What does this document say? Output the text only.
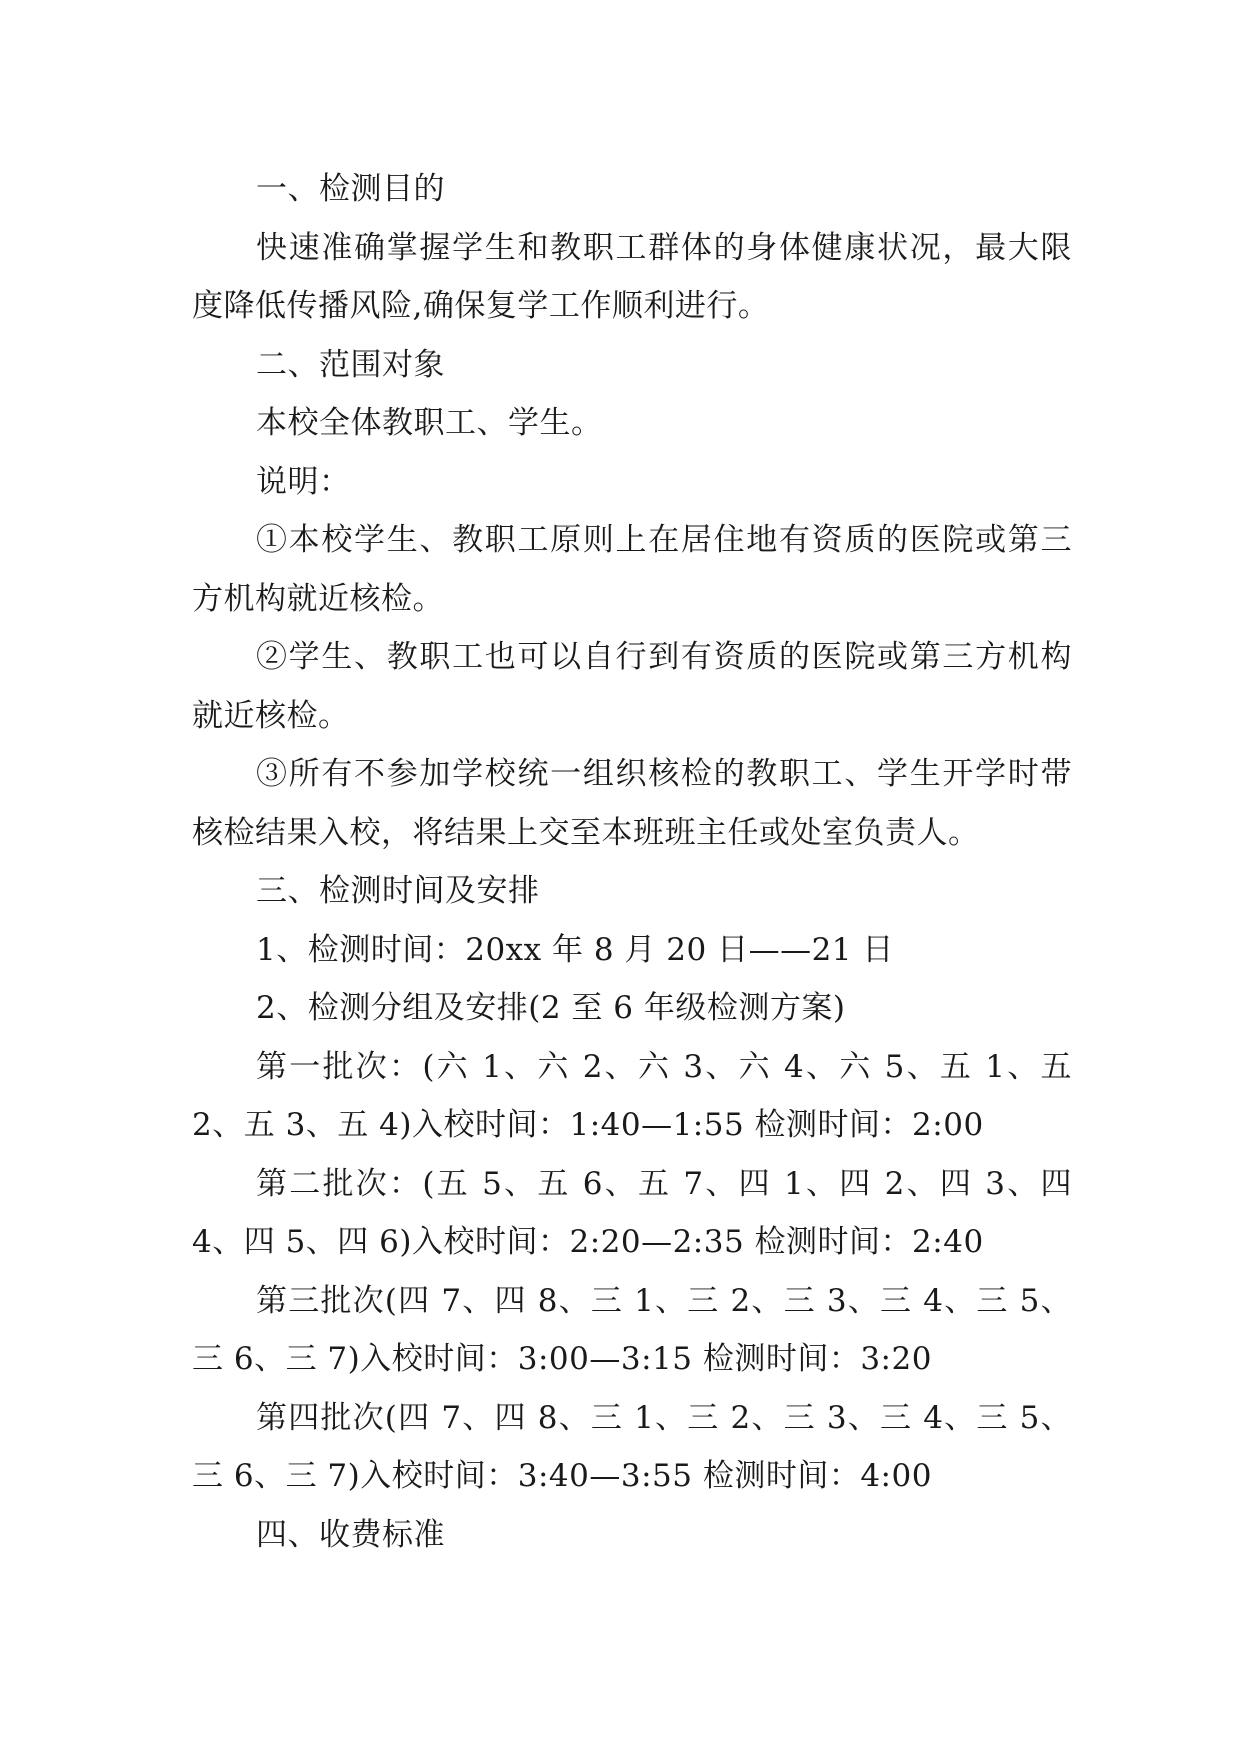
一、检测目的

快速准确掌握学生和教职工群体的身体健康状况，最大限度降低传播风险,确保复学工作顺利进行。

二、范围对象

本校全体教职工、学生。

说明：

①本校学生、教职工原则上在居住地有资质的医院或第三方机构就近核检。

②学生、教职工也可以自行到有资质的医院或第三方机构就近核检。

③所有不参加学校统一组织核检的教职工、学生开学时带核检结果入校，将结果上交至本班班主任或处室负责人。

三、检测时间及安排

1、检测时间：20xx 年 8 月 20 日——21 日

2、检测分组及安排(2 至 6 年级检测方案)

第一批次：(六 1、六 2、六 3、六 4、六 5、五 1、五 2、五 3、五 4)入校时间：1:40—1:55 检测时间：2:00

第二批次：(五 5、五 6、五 7、四 1、四 2、四 3、四 4、四 5、四 6)入校时间：2:20—2:35 检测时间：2:40

第三批次(四 7、四 8、三 1、三 2、三 3、三 4、三 5、三 6、三 7)入校时间：3:00—3:15 检测时间：3:20

第四批次(四 7、四 8、三 1、三 2、三 3、三 4、三 5、三 6、三 7)入校时间：3:40—3:55 检测时间：4:00

四、收费标准
